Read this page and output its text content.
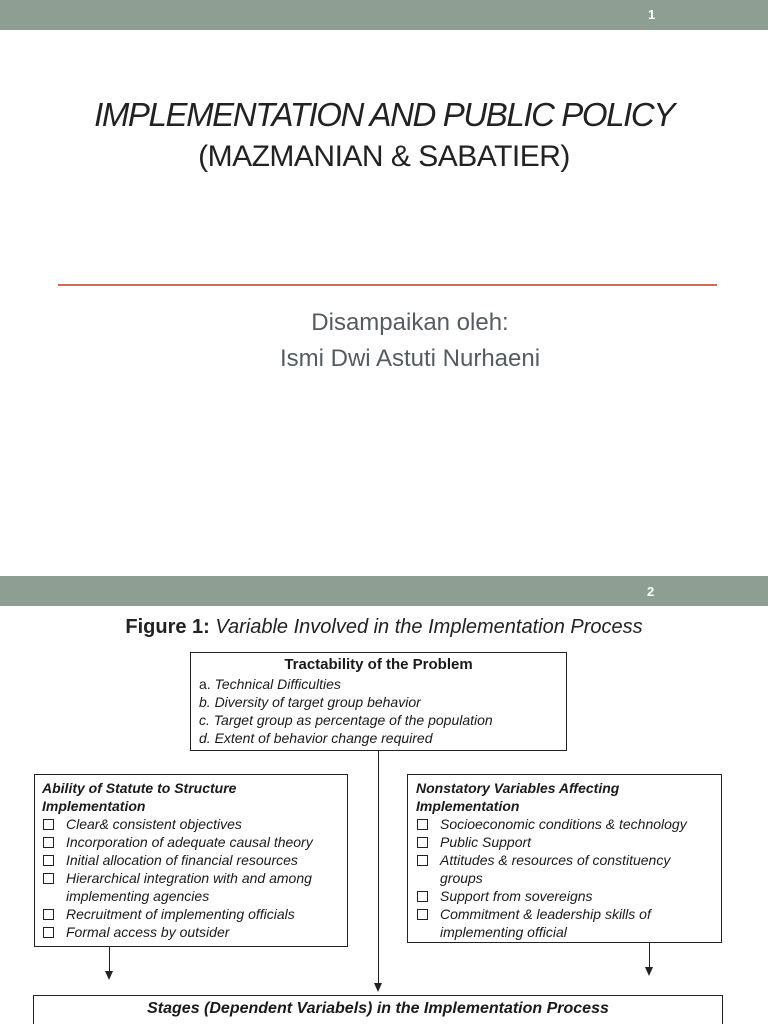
1
IMPLEMENTATION AND PUBLIC POLICY
(MAZMANIAN & SABATIER)
Disampaikan oleh:
Ismi Dwi Astuti Nurhaeni
2
Figure 1: Variable Involved in the Implementation Process
Tractability of the Problem
a. Technical Difficulties
b. Diversity of target group behavior
c. Target group as percentage of the population
d. Extent of behavior change required
Ability of Statute to Structure
Implementation
Clear& consistent objectives
Incorporation of adequate causal theory
Initial allocation of financial resources
Hierarchical integration with and among implementing agencies
Recruitment of implementing officials
Formal access by outsider
Nonstatory Variables Affecting
Implementation
Socioeconomic conditions & technology
Public Support
Attitudes & resources of constituency groups
Support from sovereigns
Commitment & leadership skills of implementing official
Stages (Dependent Variabels) in the Implementation Process
